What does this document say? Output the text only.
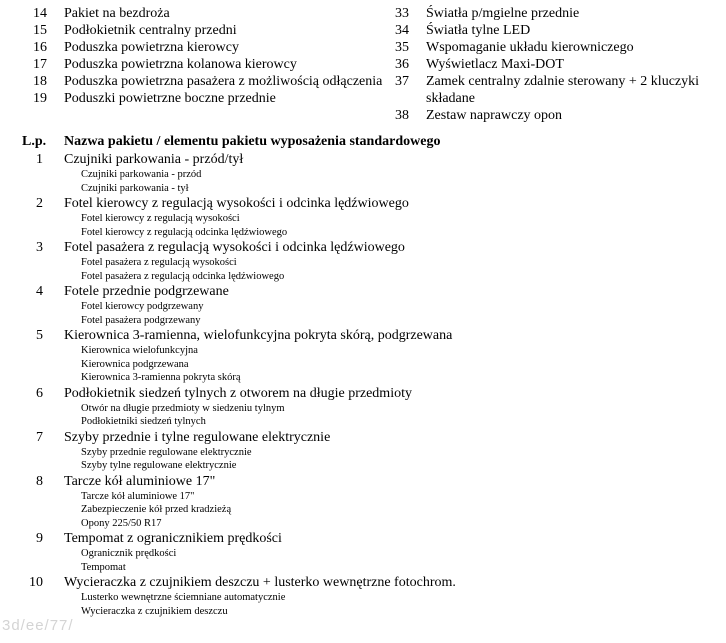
14	Pakiet na bezdroża
15	Podłokietnik centralny przedni
16	Poduszka powietrzna kierowcy
17	Poduszka powietrzna kolanowa kierowcy
18	Poduszka powietrzna pasażera z możliwością odłączenia
19	Poduszki powietrzne boczne przednie
33	Światła p/mgielne przednie
34	Światła tylne LED
35	Wspomaganie układu kierowniczego
36	Wyświetlacz Maxi-DOT
37	Zamek centralny zdalnie sterowany + 2 kluczyki składane
38	Zestaw naprawczy opon
L.p.	Nazwa pakietu / elementu pakietu wyposażenia standardowego
1	Czujniki parkowania - przód/tył
Czujniki parkowania - przód
Czujniki parkowania - tył
2	Fotel kierowcy z regulacją wysokości i odcinka lędźwiowego
Fotel kierowcy z regulacją wysokości
Fotel kierowcy z regulacją odcinka lędźwiowego
3	Fotel pasażera z regulacją wysokości i odcinka lędźwiowego
Fotel pasażera z regulacją wysokości
Fotel pasażera z regulacją odcinka lędźwiowego
4	Fotele przednie podgrzewane
Fotel kierowcy podgrzewany
Fotel pasażera podgrzewany
5	Kierownica 3-ramienna, wielofunkcyjna pokryta skórą, podgrzewana
Kierownica wielofunkcyjna
Kierownica podgrzewana
Kierownica 3-ramienna pokryta skórą
6	Podłokietnik siedzeń tylnych z otworem na długie przedmioty
Otwór na długie przedmioty w siedzeniu tylnym
Podłokietniki siedzeń tylnych
7	Szyby przednie i tylne regulowane elektrycznie
Szyby przednie regulowane elektrycznie
Szyby tylne regulowane elektrycznie
8	Tarcze kół aluminiowe 17"
Tarcze kół aluminiowe 17"
Zabezpieczenie kół przed kradzieżą
Opony 225/50 R17
9	Tempomat z ogranicznikiem prędkości
Ogranicznik prędkości
Tempomat
10	Wycieraczka z czujnikiem deszczu + lusterko wewnętrzne fotochrom.
Lusterko wewnętrzne ściemniane automatycznie
Wycieraczka z czujnikiem deszczu
3d/ee/77/
